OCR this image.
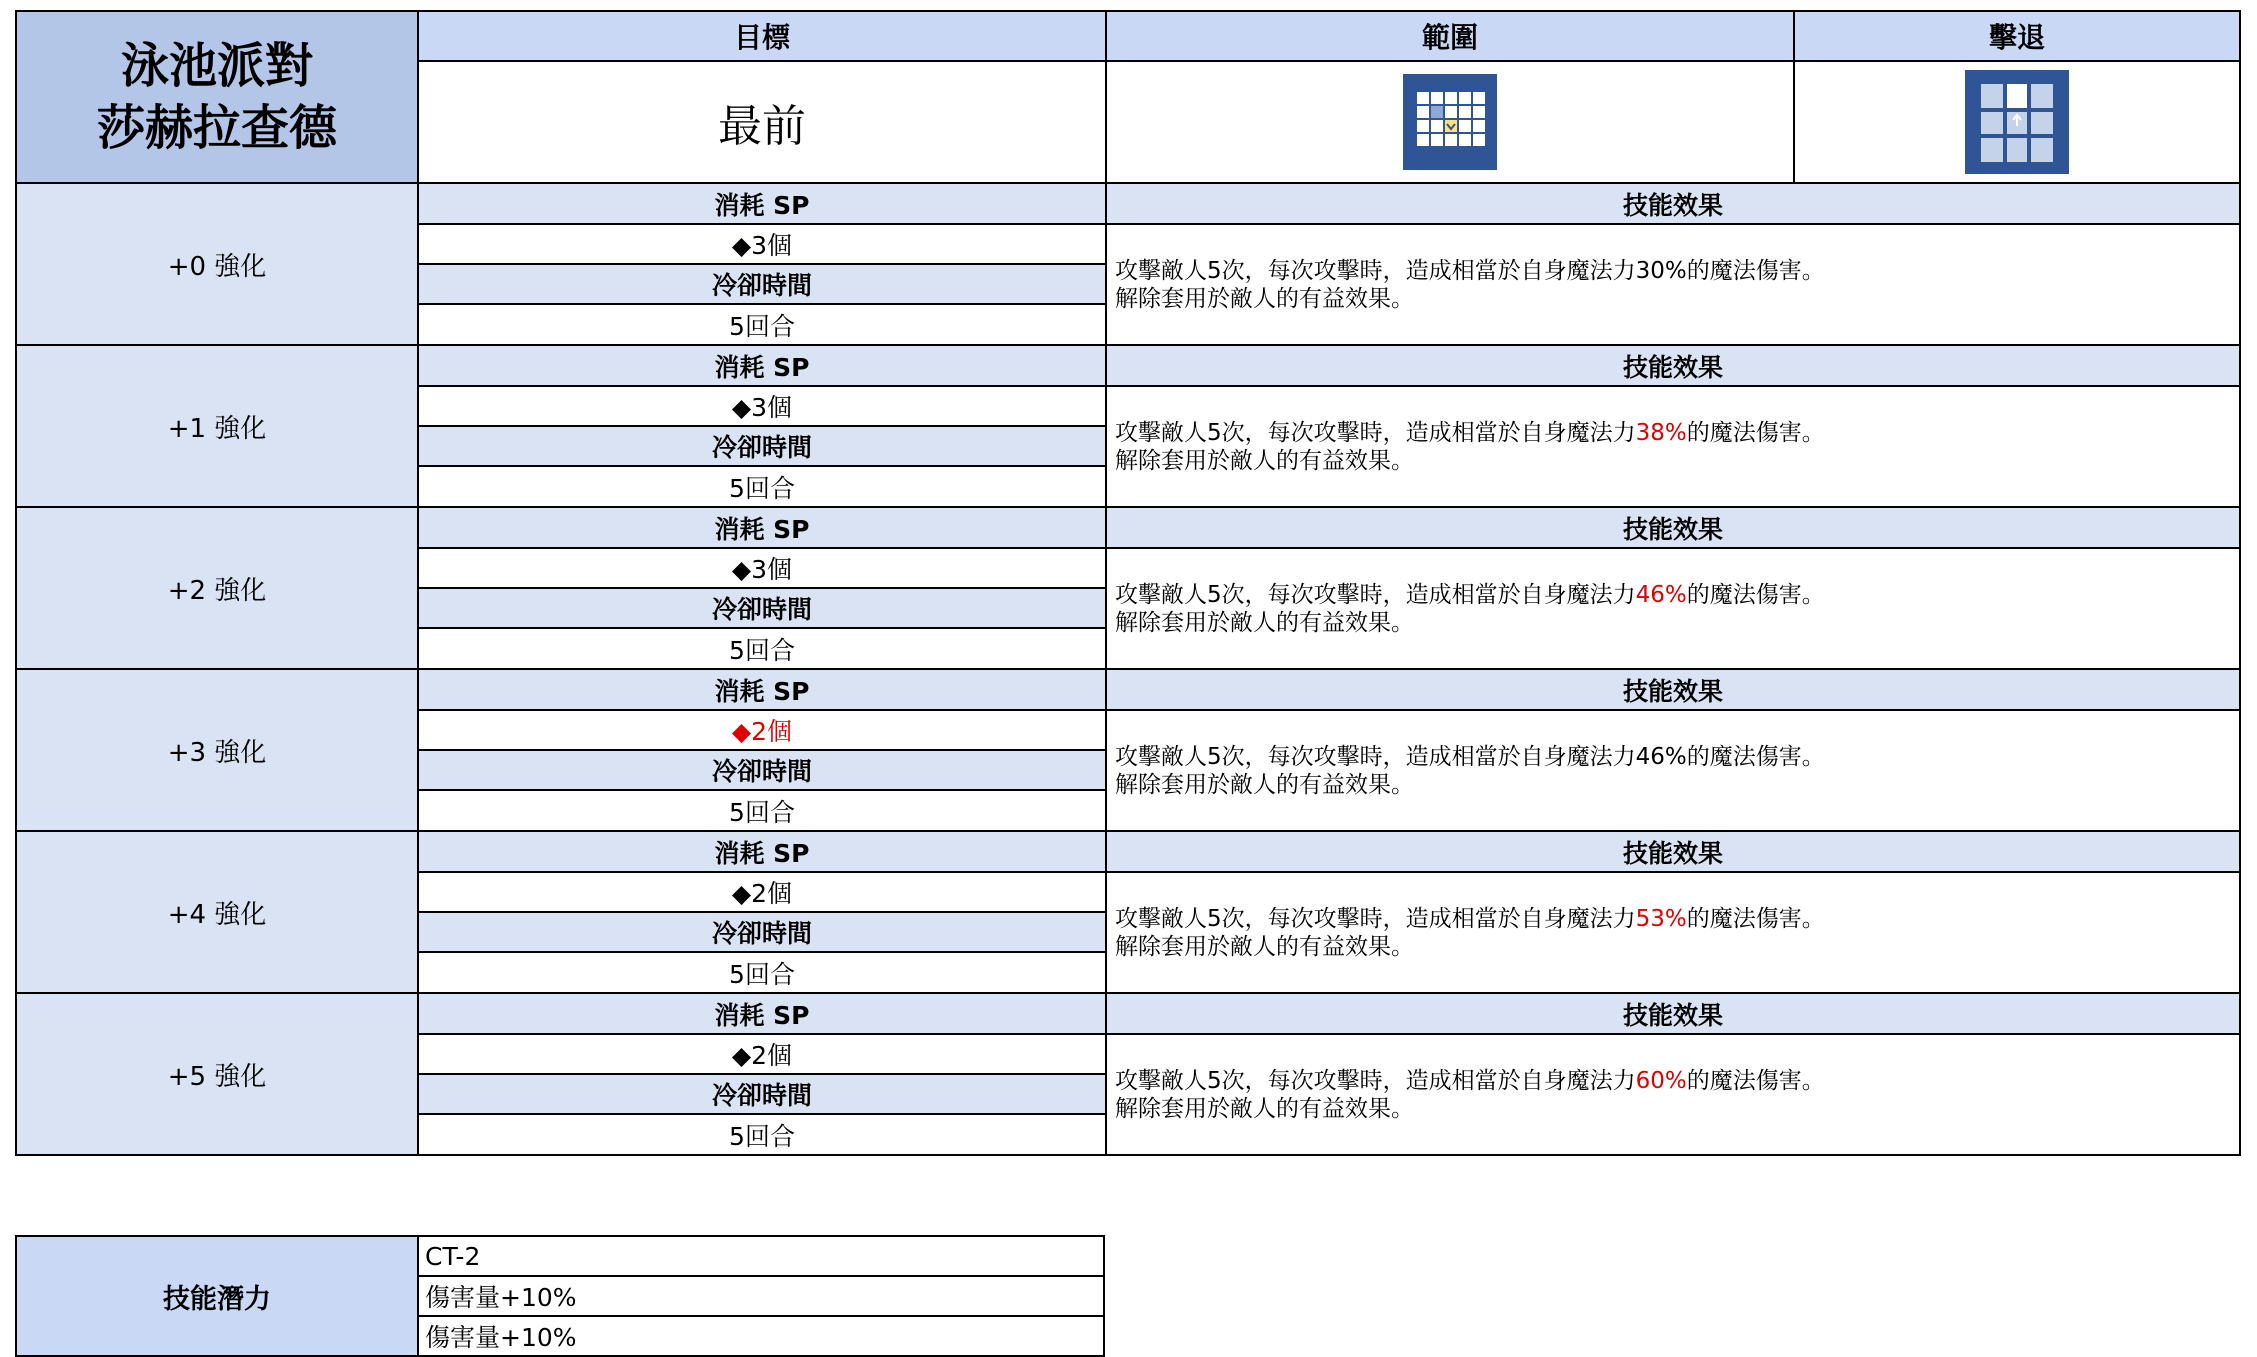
泳池派對
莎赫拉查德	目標	範圍	擊退
	最前		
+0 強化	消耗 SP	技能效果	
	◆3個	攻擊敵人5次，每次攻擊時，造成相當於自身魔法力30%的魔法傷害。
解除套用於敵人的有益效果。	

	冷卻時間		
	5回合		
+1 強化	消耗 SP	技能效果	
	◆3個	攻擊敵人5次，每次攻擊時，造成相當於自身魔法力38%的魔法傷害。
解除套用於敵人的有益效果。	

	冷卻時間		
	5回合		
+2 強化	消耗 SP	技能效果	
	◆3個	攻擊敵人5次，每次攻擊時，造成相當於自身魔法力46%的魔法傷害。
解除套用於敵人的有益效果。	

	冷卻時間		
	5回合		
+3 強化	消耗 SP	技能效果	
	◆2個	攻擊敵人5次，每次攻擊時，造成相當於自身魔法力46%的魔法傷害。
解除套用於敵人的有益效果。	

	冷卻時間		
	5回合		
+4 強化	消耗 SP	技能效果	
	◆2個	攻擊敵人5次，每次攻擊時，造成相當於自身魔法力53%的魔法傷害。
解除套用於敵人的有益效果。	

	冷卻時間		
	5回合		
+5 強化	消耗 SP	技能效果	
	◆2個	攻擊敵人5次，每次攻擊時，造成相當於自身魔法力60%的魔法傷害。
解除套用於敵人的有益效果。	

	冷卻時間		
	5回合		
技能潛力	CT-2
傷害量+10%
傷害量+10%
